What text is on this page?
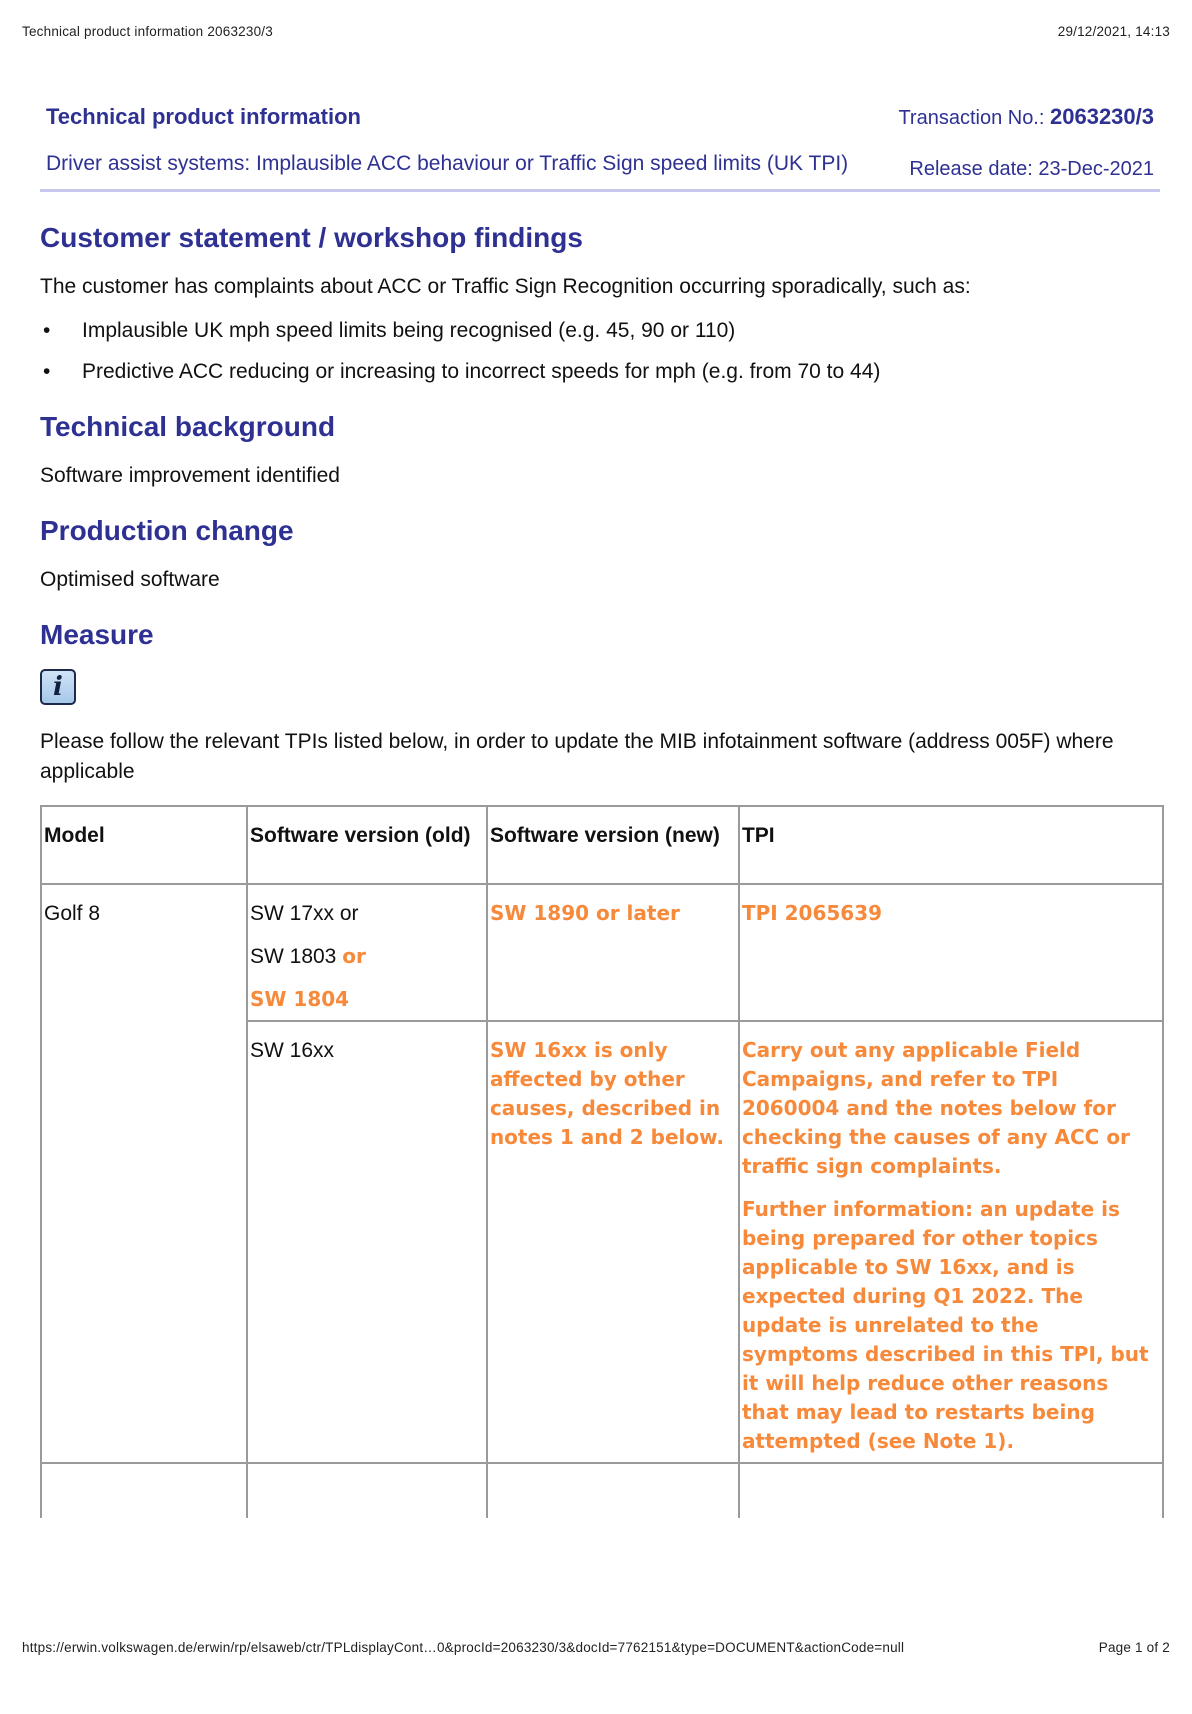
Technical product information 2063230/3	29/12/2021, 14:13
Technical product information	Transaction No.: 2063230/3
Driver assist systems: Implausible ACC behaviour or Traffic Sign speed limits (UK TPI)	Release date: 23-Dec-2021
Customer statement / workshop findings

The customer has complaints about ACC or Traffic Sign Recognition occurring sporadically, such as:

•	Implausible UK mph speed limits being recognised (e.g. 45, 90 or 110)
•	Predictive ACC reducing or increasing to incorrect speeds for mph (e.g. from 70 to 44)
Technical background

Software improvement identified

Production change

Optimised software

Measure
i

Please follow the relevant TPIs listed below, in order to update the MIB infotainment software (address 005F) where applicable

Model	Software version (old)	Software version (new)	TPI
Golf 8	SW 17xx or
SW 1803 or
SW 1804	SW 1890 or later	TPI 2065639
	SW 16xx	SW 16xx is only affected by other causes, described in notes 1 and 2 below.	Carry out any applicable Field Campaigns, and refer to TPI 2060004 and the notes below for checking the causes of any ACC or traffic sign complaints.
Further information: an update is being prepared for other topics applicable to SW 16xx, and is expected during Q1 2022. The update is unrelated to the symptoms described in this TPI, but it will help reduce other reasons that may lead to restarts being attempted (see Note 1).

https://erwin.volkswagen.de/erwin/rp/elsaweb/ctr/TPLdisplayCont…0&procId=2063230/3&docId=7762151&type=DOCUMENT&actionCode=null	Page 1 of 2
